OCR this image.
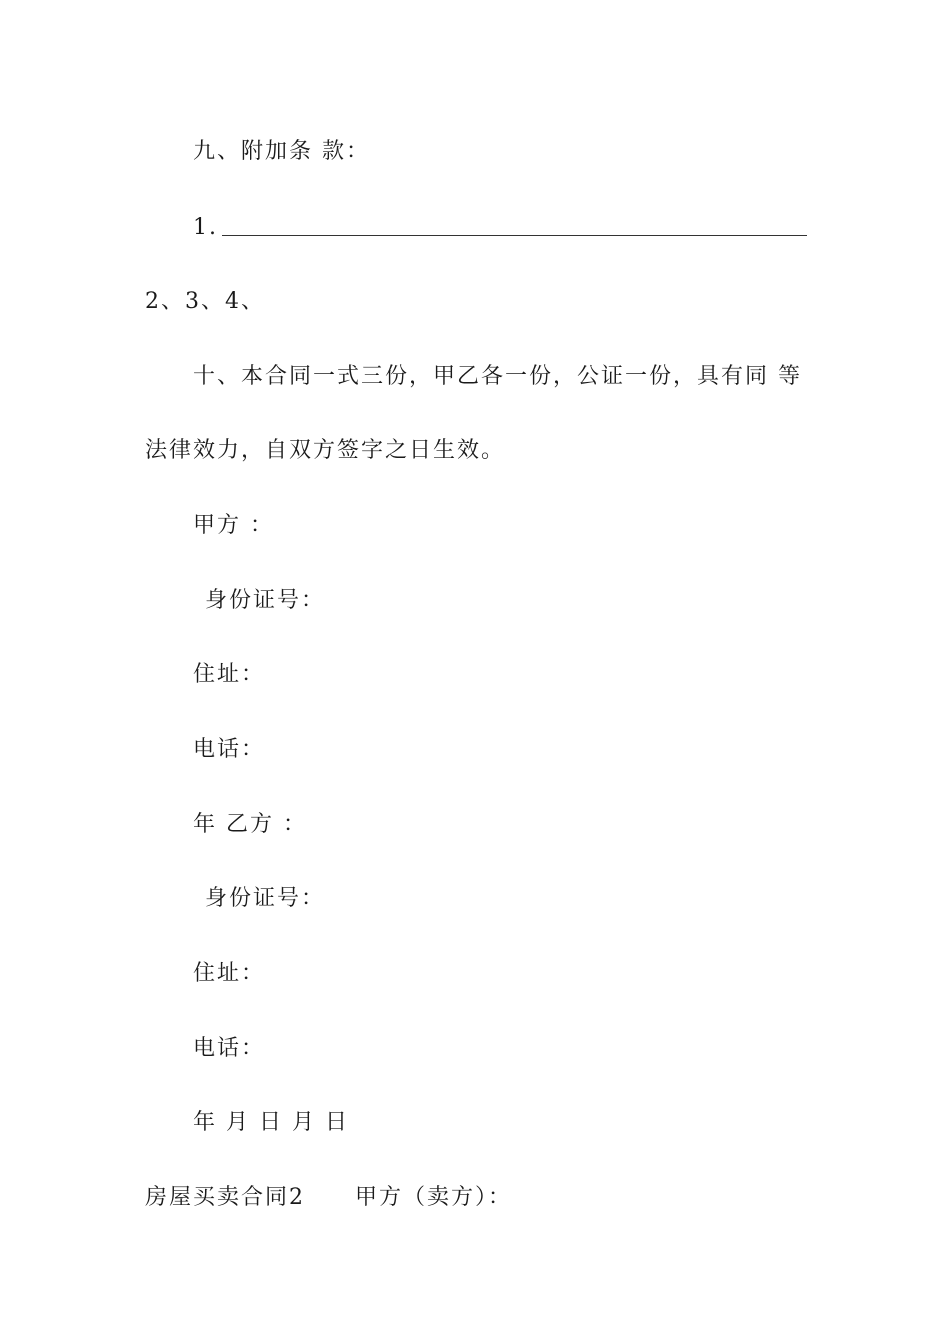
九、附加条 款：
1.
2、3、4、
十、本合同一式三份，甲乙各一份，公证一份，具有同 等
法律效力，自双方签字之日生效。
甲方 ：
身份证号：
住址：
电话：
年 乙方 ：
身份证号：
住址：
电话：
年 月 日 月 日
房屋买卖合同2 甲方（卖方）：
